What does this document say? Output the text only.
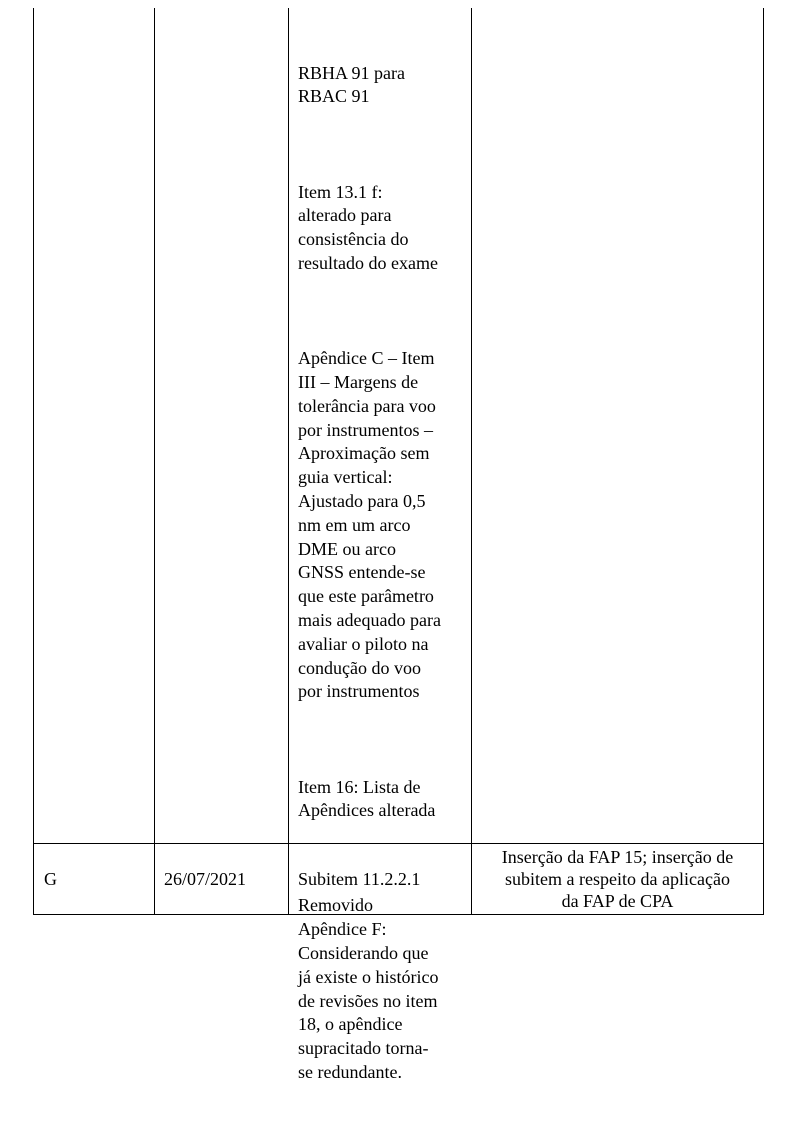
RBHA 91 para
RBAC 91

Item 13.1 f:
alterado para
consistência do
resultado do exame

Apêndice C – Item
III – Margens de
tolerância para voo
por instrumentos –
Aproximação sem
guia vertical:
Ajustado para 0,5
nm em um arco
DME ou arco
GNSS entende-se
que este parâmetro
mais adequado para
avaliar o piloto na
condução do voo
por instrumentos

Item 16: Lista de
Apêndices alterada

Removido
Apêndice F:
Considerando que
já existe o histórico
de revisões no item
18, o apêndice
supracitado torna-
se redundante.

G	26/07/2021	Subitem 11.2.2.1
Inserção da FAP 15; inserção de
subitem a respeito da aplicação
da FAP de CPA
